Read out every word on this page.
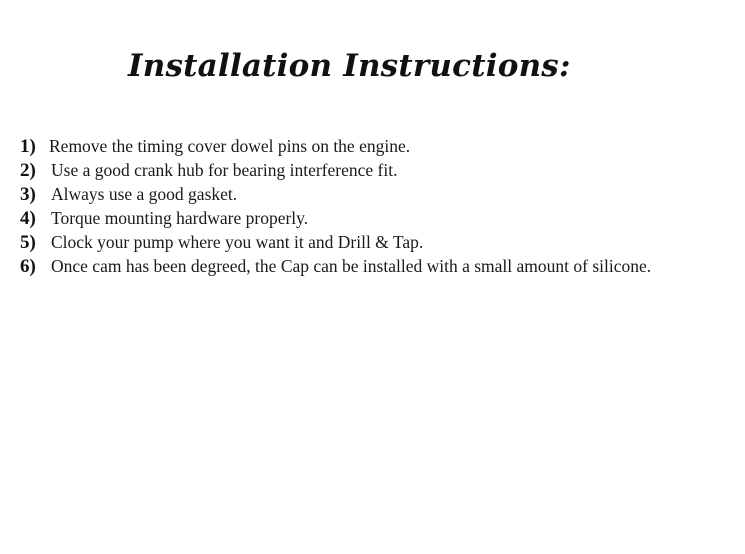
Installation Instructions:
1) Remove the timing cover dowel pins on the engine.
2) Use a good crank hub for bearing interference fit.
3) Always use a good gasket.
4) Torque mounting hardware properly.
5) Clock your pump where you want it and Drill & Tap.
6) Once cam has been degreed, the Cap can be installed with a small amount of silicone.
